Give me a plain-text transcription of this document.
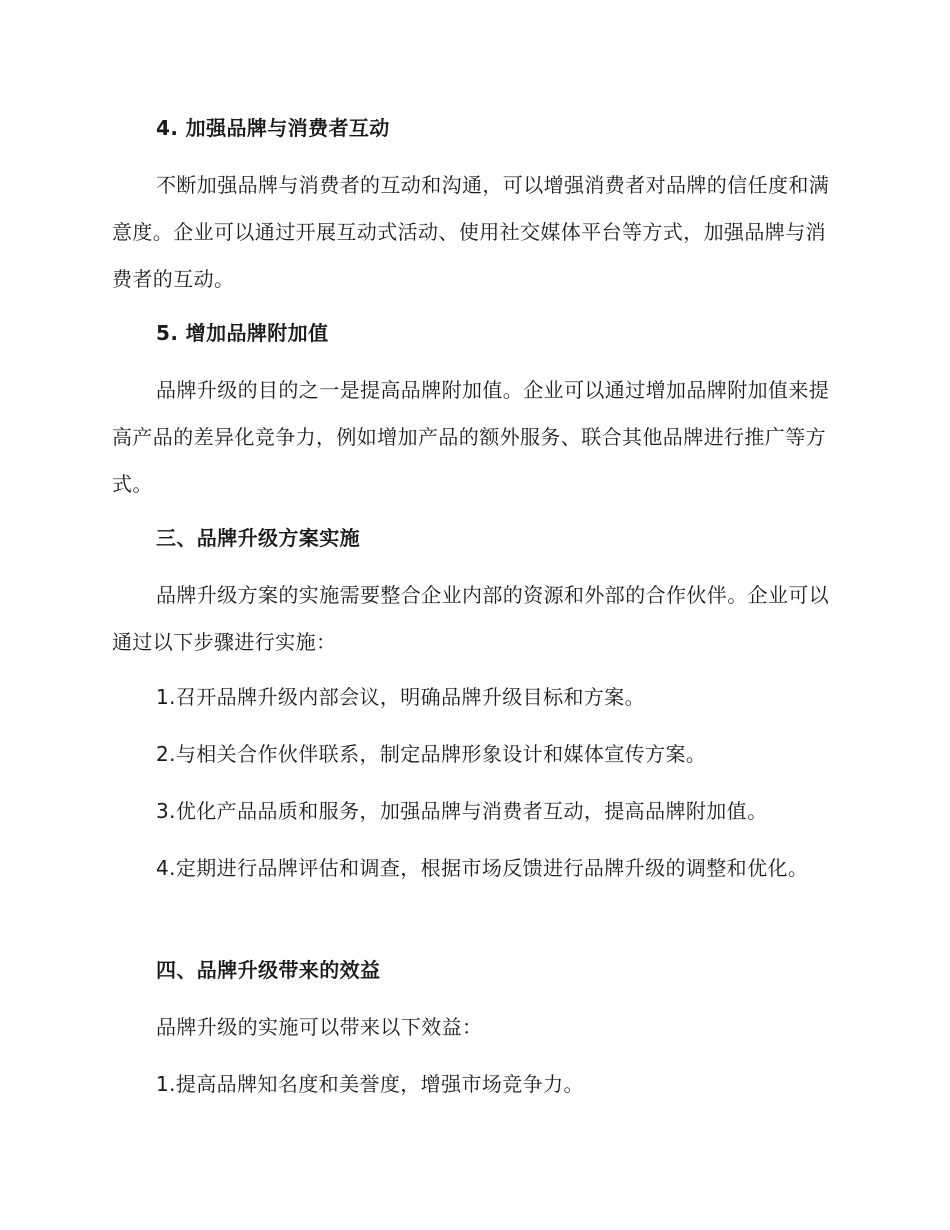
4. 加强品牌与消费者互动

不断加强品牌与消费者的互动和沟通，可以增强消费者对品牌的信任度和满意度。企业可以通过开展互动式活动、使用社交媒体平台等方式，加强品牌与消费者的互动。

5. 增加品牌附加值

品牌升级的目的之一是提高品牌附加值。企业可以通过增加品牌附加值来提高产品的差异化竞争力，例如增加产品的额外服务、联合其他品牌进行推广等方式。

三、品牌升级方案实施

品牌升级方案的实施需要整合企业内部的资源和外部的合作伙伴。企业可以通过以下步骤进行实施：

1.召开品牌升级内部会议，明确品牌升级目标和方案。

2.与相关合作伙伴联系，制定品牌形象设计和媒体宣传方案。

3.优化产品品质和服务，加强品牌与消费者互动，提高品牌附加值。

4.定期进行品牌评估和调查，根据市场反馈进行品牌升级的调整和优化。

四、品牌升级带来的效益

品牌升级的实施可以带来以下效益：

1.提高品牌知名度和美誉度，增强市场竞争力。
